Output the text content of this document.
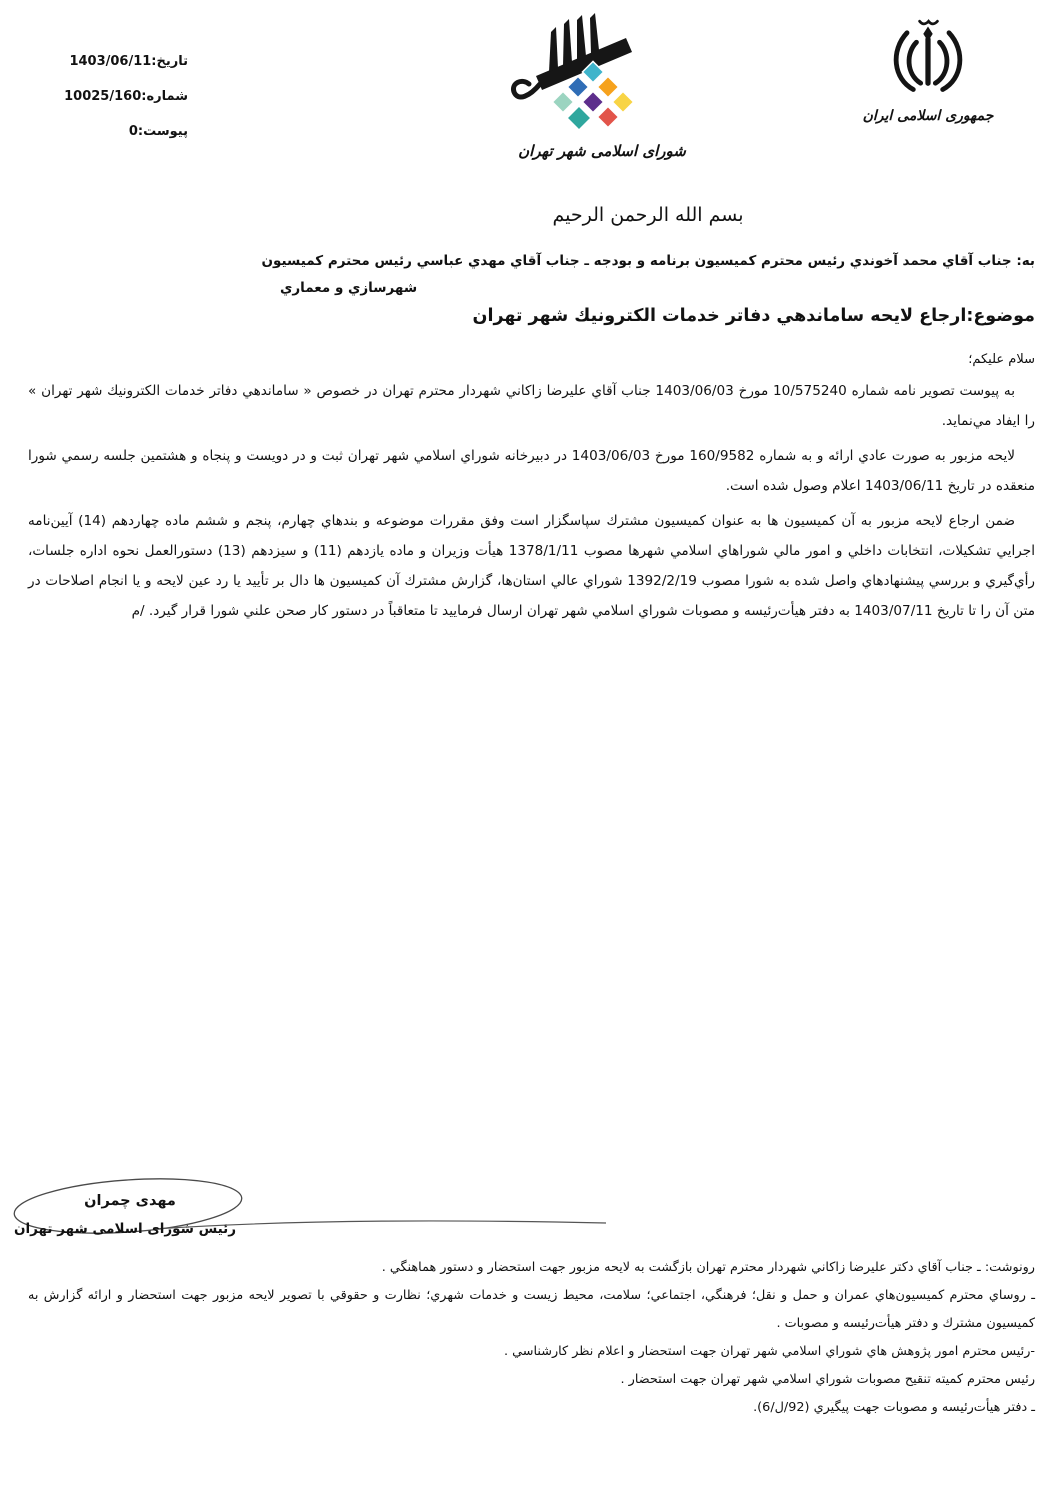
تاريخ:1403/06/11
شماره:10025/160
پيوست:0
شورای اسلامی شهر تهران
جمهوری اسلامی ایران
بسم الله الرحمن الرحيم
به: جناب آقاي محمد آخوندي رئيس محترم كميسيون برنامه و بودجه ـ جناب آقاي مهدي عباسي رئيس محترم كميسيون
شهرسازي و معماري
موضوع:ارجاع لايحه ساماندهي دفاتر خدمات الكترونيك شهر تهران
سلام عليكم؛

به پيوست تصوير نامه شماره 10/575240 مورخ 1403/06/03 جناب آقاي عليرضا زاكاني شهردار محترم تهران در خصوص « ساماندهي دفاتر خدمات الكترونيك شهر تهران » را ايفاد مي‌نمايد.

لايحه مزبور به صورت عادي ارائه و به شماره 160/9582 مورخ 1403/06/03 در دبيرخانه شوراي اسلامي شهر تهران ثبت و در دويست و پنجاه و هشتمين جلسه رسمي شورا منعقده در تاريخ 1403/06/11 اعلام وصول شده است.

ضمن ارجاع لايحه مزبور به آن كميسيون ها به عنوان كميسيون مشترك سپاسگزار است وفق مقررات موضوعه و بندهاي چهارم، پنجم و ششم ماده چهاردهم (14) آيين‌نامه اجرايي تشكيلات، انتخابات داخلي و امور مالي شوراهاي اسلامي شهرها مصوب 1378/1/11 هيأت وزيران و ماده يازدهم (11) و سيزدهم (13) دستورالعمل نحوه اداره جلسات، رأي‌گيري و بررسي پيشنهادهاي واصل شده به شورا مصوب 1392/2/19 شوراي عالي استان‌ها، گزارش مشترك آن كميسيون ها دال بر تأييد يا رد عين لايحه و يا انجام اصلاحات در متن آن را تا تاريخ 1403/07/11 به دفتر هيأت‌رئيسه و مصوبات شوراي اسلامي شهر تهران ارسال فرماييد تا متعاقباً در دستور كار صحن علني شورا قرار گيرد. /م

مهدی چمران
رئيس شورای اسلامی شهر تهران
رونوشت: ـ جناب آقاي دكتر عليرضا زاكاني شهردار محترم تهران بازگشت به لايحه مزبور جهت استحضار و دستور هماهنگي .
ـ روساي محترم كميسيون‌هاي عمران و حمل و نقل؛ فرهنگي، اجتماعي؛ سلامت، محيط زيست و خدمات شهري؛ نظارت و حقوقي با تصوير لايحه مزبور جهت استحضار و ارائه گزارش به كميسيون مشترك و دفتر هيأت‌رئيسه و مصوبات .
-رئيس محترم امور پژوهش هاي شوراي اسلامي شهر تهران جهت استحضار و اعلام نظر كارشناسي .
رئيس محترم كميته تنقيح مصوبات شوراي اسلامي شهر تهران جهت استحضار .
ـ دفتر هيأت‌رئيسه و مصوبات جهت پيگيري (92/ل/6).
